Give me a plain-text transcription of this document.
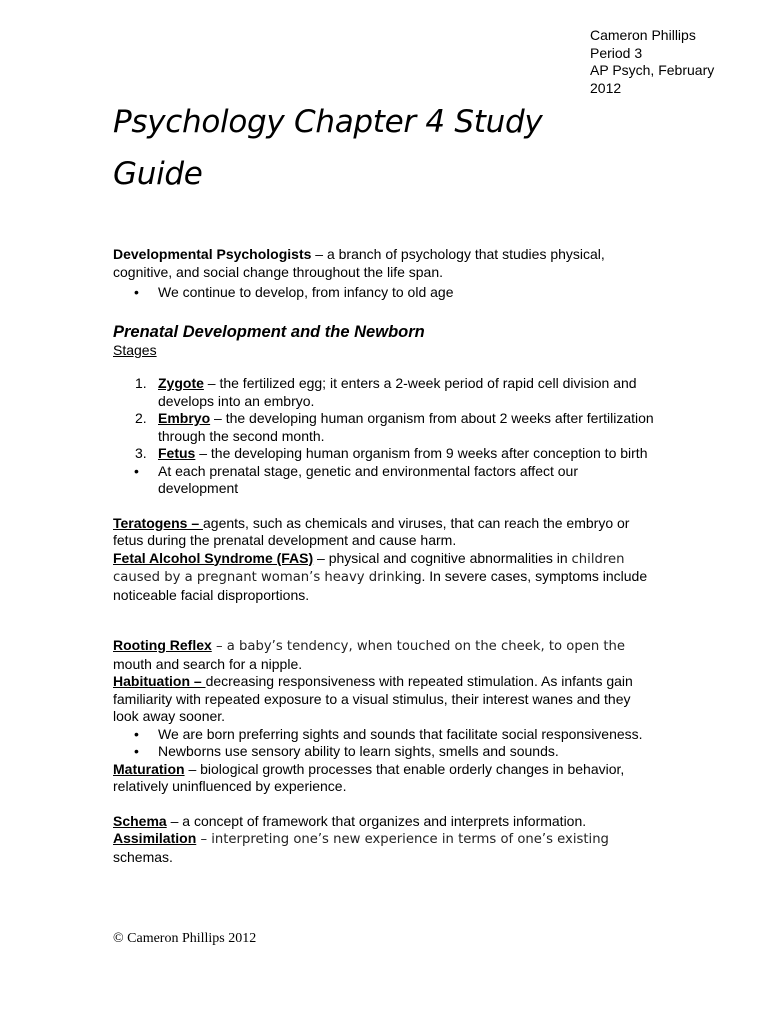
Cameron Phillips
Period 3
AP Psych, February
2012
Psychology Chapter 4 Study
Guide

Developmental Psychologists – a branch of psychology that studies physical, cognitive, and social change throughout the life span.

• We continue to develop, from infancy to old age

Prenatal Development and the Newborn

Stages

1. Zygote – the fertilized egg; it enters a 2-week period of rapid cell division and develops into an embryo.
2. Embryo – the developing human organism from about 2 weeks after fertilization through the second month.
3. Fetus – the developing human organism from 9 weeks after conception to birth
• At each prenatal stage, genetic and environmental factors affect our development

Teratogens – agents, such as chemicals and viruses, that can reach the embryo or fetus during the prenatal development and cause harm.

Fetal Alcohol Syndrome (FAS) – physical and cognitive abnormalities in children caused by a pregnant woman’s heavy drinking. In severe cases, symptoms include noticeable facial disproportions.

Rooting Reflex – a baby’s tendency, when touched on the cheek, to open the mouth and search for a nipple.

Habituation – decreasing responsiveness with repeated stimulation. As infants gain familiarity with repeated exposure to a visual stimulus, their interest wanes and they look away sooner.

• We are born preferring sights and sounds that facilitate social responsiveness.
• Newborns use sensory ability to learn sights, smells and sounds.

Maturation – biological growth processes that enable orderly changes in behavior, relatively uninfluenced by experience.

Schema – a concept of framework that organizes and interprets information.

Assimilation – interpreting one’s new experience in terms of one’s existing schemas.

© Cameron Phillips 2012
